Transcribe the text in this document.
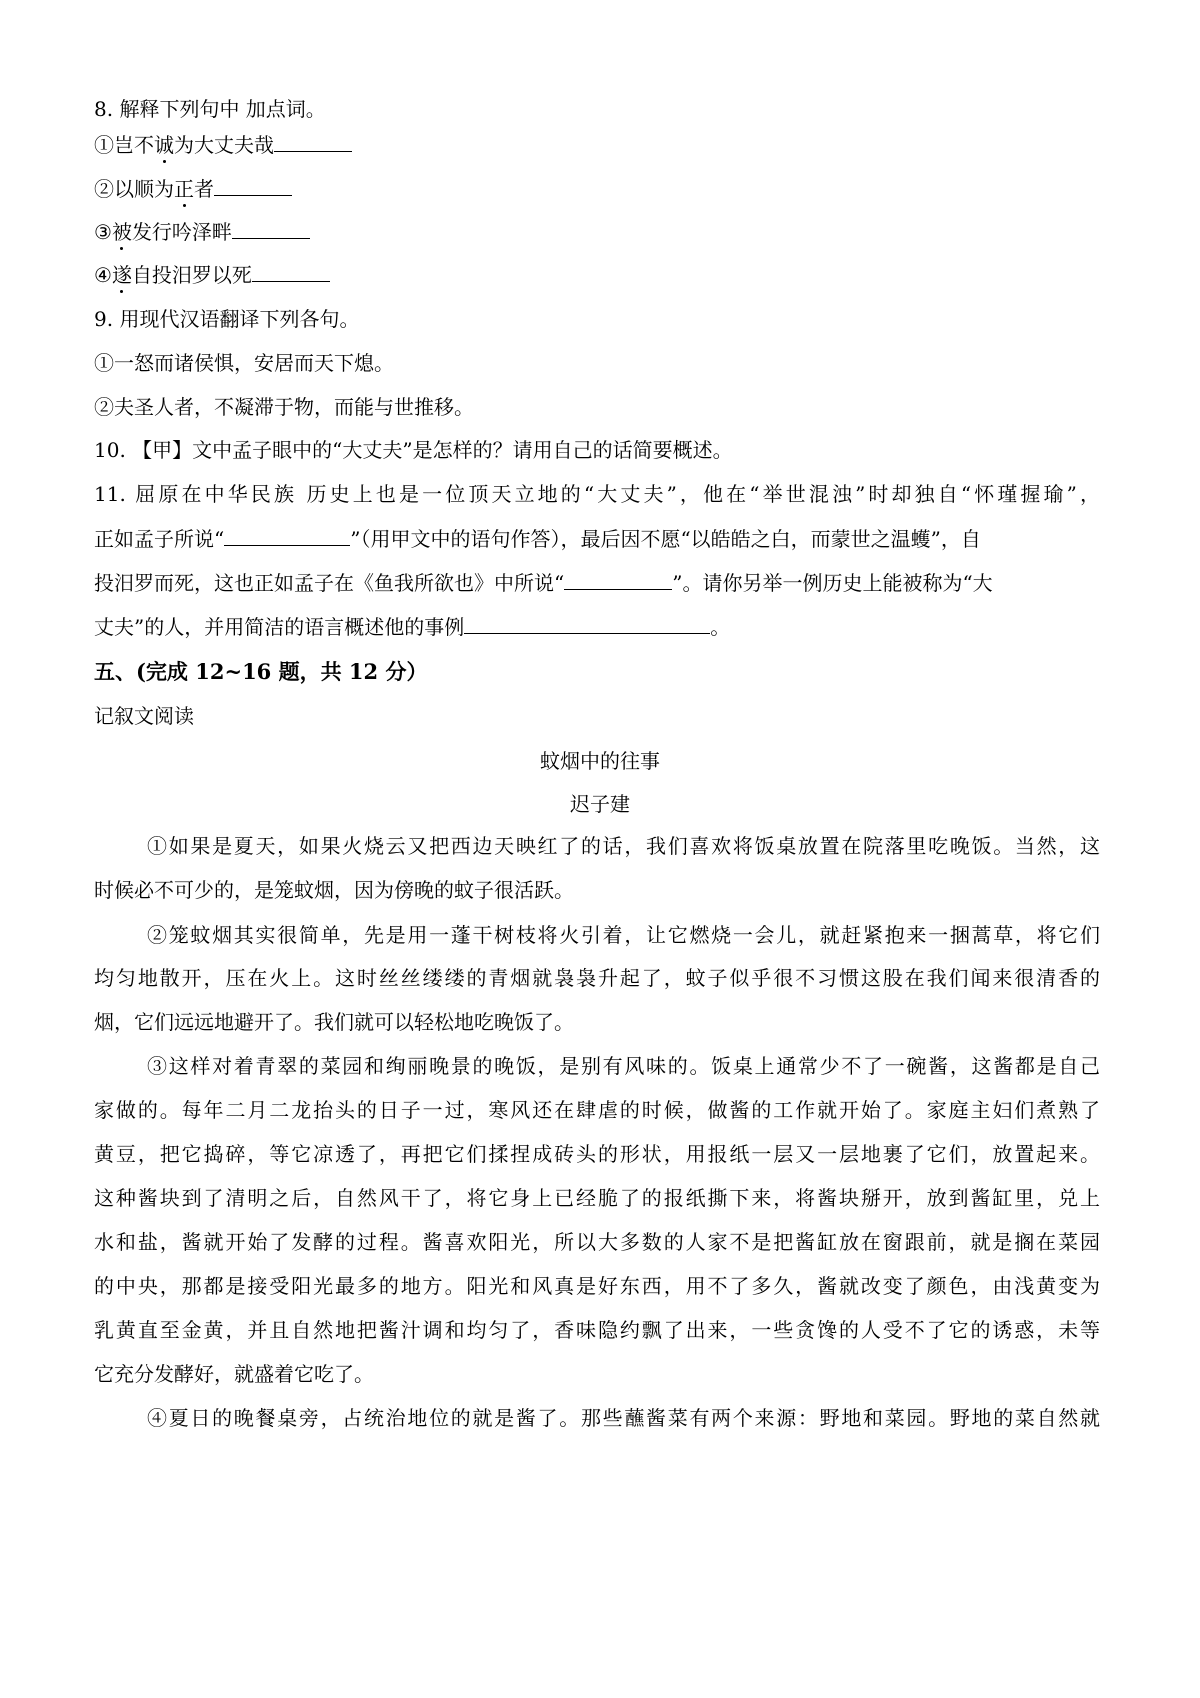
8. 解释下列句中 加点词。
①岂不诚为大丈夫哉
②以顺为正者
③被发行吟泽畔
④遂自投汨罗以死
9. 用现代汉语翻译下列各句。
①一怒而诸侯惧，安居而天下熄。
②夫圣人者，不凝滞于物，而能与世推移。
10. 【甲】文中孟子眼中的“大丈夫”是怎样的？请用自己的话简要概述。
11. 屈原在中华民族 历史上也是一位顶天立地的“大丈夫”，他在“举世混浊”时却独自“怀瑾握瑜”，
正如孟子所说“	”（用甲文中的语句作答），最后因不愿“以皓皓之白，而蒙世之温蠖”，自
投汨罗而死，这也正如孟子在《鱼我所欲也》中所说“	”。请你另举一例历史上能被称为“大
丈夫”的人，并用简洁的语言概述他的事例	。
五、(完成 12~16 题，共 12 分）
记叙文阅读
蚊烟中的往事
迟子建
①如果是夏天，如果火烧云又把西边天映红了的话，我们喜欢将饭桌放置在院落里吃晚饭。当然，这
时候必不可少的，是笼蚊烟，因为傍晚的蚊子很活跃。
②笼蚊烟其实很简单，先是用一蓬干树枝将火引着，让它燃烧一会儿，就赶紧抱来一捆蒿草，将它们
均匀地散开，压在火上。这时丝丝缕缕的青烟就袅袅升起了，蚊子似乎很不习惯这股在我们闻来很清香的
烟，它们远远地避开了。我们就可以轻松地吃晚饭了。
③这样对着青翠的菜园和绚丽晚景的晚饭，是别有风味的。饭桌上通常少不了一碗酱，这酱都是自己
家做的。每年二月二龙抬头的日子一过，寒风还在肆虐的时候，做酱的工作就开始了。家庭主妇们煮熟了
黄豆，把它捣碎，等它凉透了，再把它们揉捏成砖头的形状，用报纸一层又一层地裹了它们，放置起来。
这种酱块到了清明之后，自然风干了，将它身上已经脆了的报纸撕下来，将酱块掰开，放到酱缸里，兑上
水和盐，酱就开始了发酵的过程。酱喜欢阳光，所以大多数的人家不是把酱缸放在窗跟前，就是搁在菜园
的中央，那都是接受阳光最多的地方。阳光和风真是好东西，用不了多久，酱就改变了颜色，由浅黄变为
乳黄直至金黄，并且自然地把酱汁调和均匀了，香味隐约飘了出来，一些贪馋的人受不了它的诱惑，未等
它充分发酵好，就盛着它吃了。
④夏日的晚餐桌旁，占统治地位的就是酱了。那些蘸酱菜有两个来源：野地和菜园。野地的菜自然就
